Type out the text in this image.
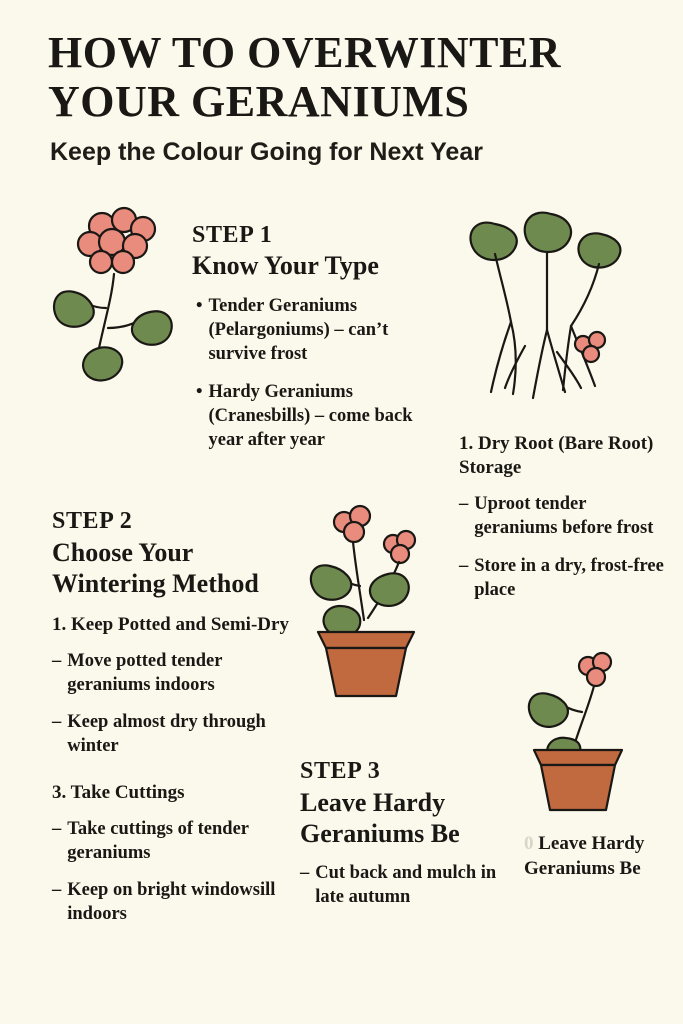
HOW TO OVERWINTER YOUR GERANIUMS
Keep the Colour Going for Next Year
STEP 1
Know Your Type
• Tender Geraniums (Pelargoniums) – can’t survive frost
• Hardy Geraniums (Cranesbills) – come back year after year	1. Dry Root (Bare Root) Storage
– Uproot tender geraniums before frost
– Store in a dry, frost-free place
STEP 2
Choose Your Wintering Method
1. Keep Potted and Semi-Dry
– Move potted tender geraniums indoors
– Keep almost dry through winter
3. Take Cuttings
– Take cuttings of tender geraniums
– Keep on bright windowsill indoors
STEP 3
Leave Hardy Geraniums Be
– Cut back and mulch in late autumn
0 Leave Hardy Geraniums Be
